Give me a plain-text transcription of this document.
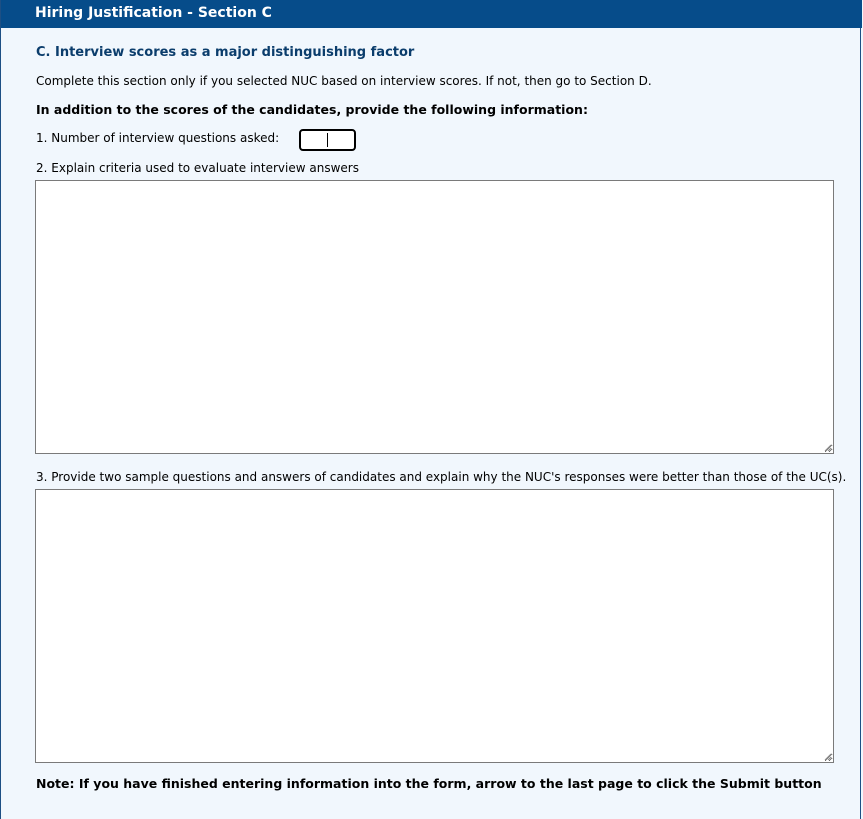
Hiring Justification - Section C
C. Interview scores as a major distinguishing factor
Complete this section only if you selected NUC based on interview scores. If not, then go to Section D.
In addition to the scores of the candidates, provide the following information:
1. Number of interview questions asked:
2. Explain criteria used to evaluate interview answers
3. Provide two sample questions and answers of candidates and explain why the NUC's responses were better than those of the UC(s).
Note: If you have finished entering information into the form, arrow to the last page to click the Submit button
